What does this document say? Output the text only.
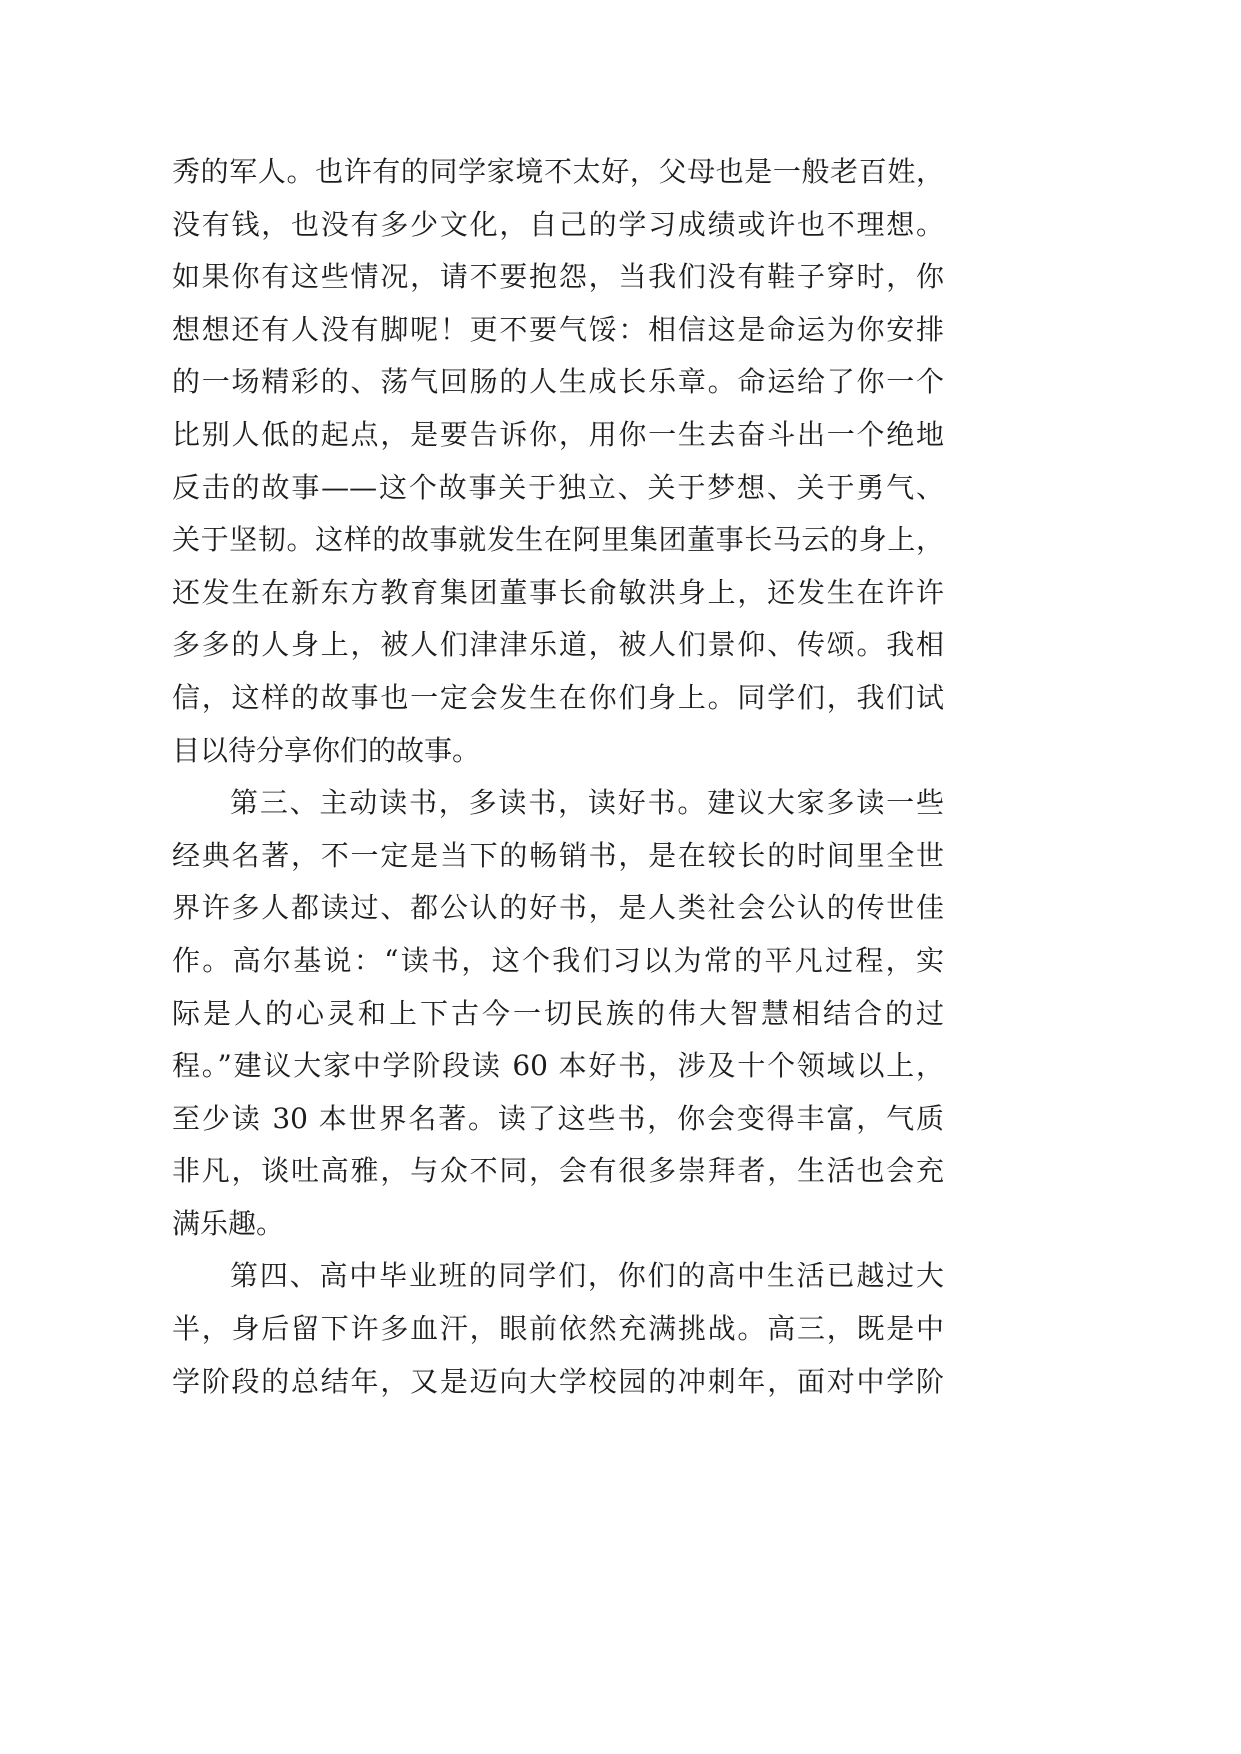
秀的军人。也许有的同学家境不太好，父母也是一般老百姓，
没有钱，也没有多少文化，自己的学习成绩或许也不理想。
如果你有这些情况，请不要抱怨，当我们没有鞋子穿时，你
想想还有人没有脚呢！更不要气馁：相信这是命运为你安排
的一场精彩的、荡气回肠的人生成长乐章。命运给了你一个
比别人低的起点，是要告诉你，用你一生去奋斗出一个绝地
反击的故事——这个故事关于独立、关于梦想、关于勇气、
关于坚韧。这样的故事就发生在阿里集团董事长马云的身上，
还发生在新东方教育集团董事长俞敏洪身上，还发生在许许
多多的人身上，被人们津津乐道，被人们景仰、传颂。我相
信，这样的故事也一定会发生在你们身上。同学们，我们试
目以待分享你们的故事。
第三、主动读书，多读书，读好书。建议大家多读一些
经典名著，不一定是当下的畅销书，是在较长的时间里全世
界许多人都读过、都公认的好书，是人类社会公认的传世佳
作。高尔基说：“读书，这个我们习以为常的平凡过程，实
际是人的心灵和上下古今一切民族的伟大智慧相结合的过
程。”建议大家中学阶段读 60 本好书，涉及十个领域以上，
至少读 30 本世界名著。读了这些书，你会变得丰富，气质
非凡，谈吐高雅，与众不同，会有很多崇拜者，生活也会充
满乐趣。
第四、高中毕业班的同学们，你们的高中生活已越过大
半，身后留下许多血汗，眼前依然充满挑战。高三，既是中
学阶段的总结年，又是迈向大学校园的冲刺年，面对中学阶
